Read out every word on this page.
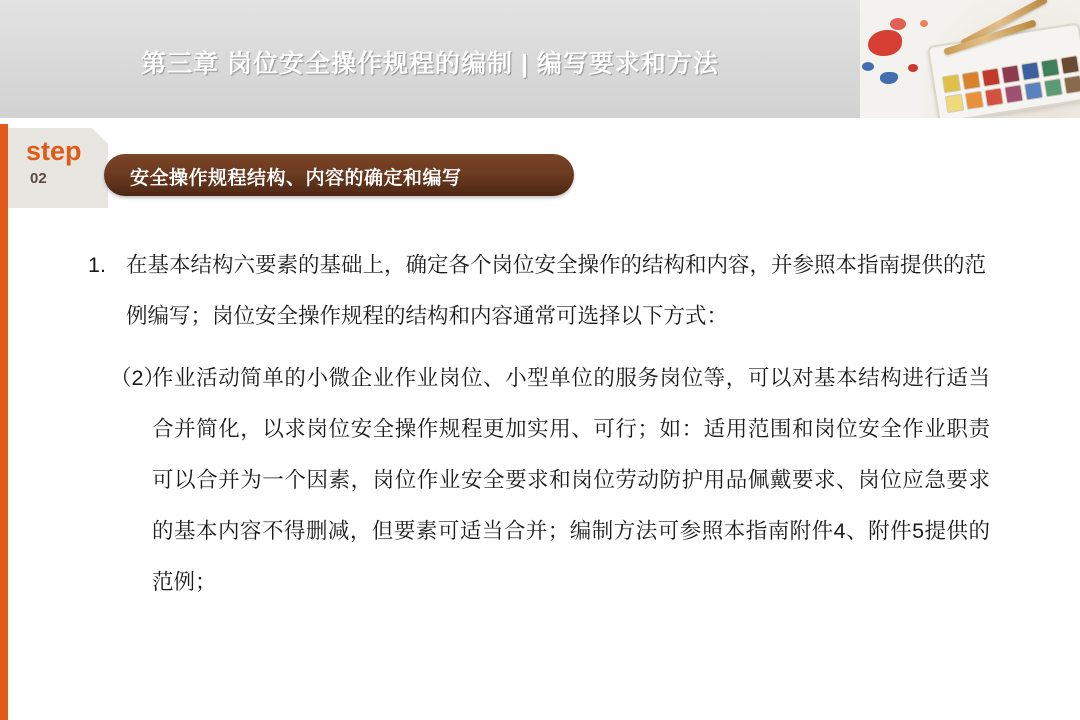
第三章 岗位安全操作规程的编制 | 编写要求和方法
step
02	安全操作规程结构、内容的确定和编写
1. 在基本结构六要素的基础上，确定各个岗位安全操作的结构和内容，并参照本指南提供的范例编写；岗位安全操作规程的结构和内容通常可选择以下方式：
（2）
作业活动简单的小微企业作业岗位、小型单位的服务岗位等，可以对基本结构进行适当合并简化，以求岗位安全操作规程更加实用、可行；如：适用范围和岗位安全作业职责可以合并为一个因素，岗位作业安全要求和岗位劳动防护用品佩戴要求、岗位应急要求的基本内容不得删减，但要素可适当合并；编制方法可参照本指南附件4、附件5提供的范例；
